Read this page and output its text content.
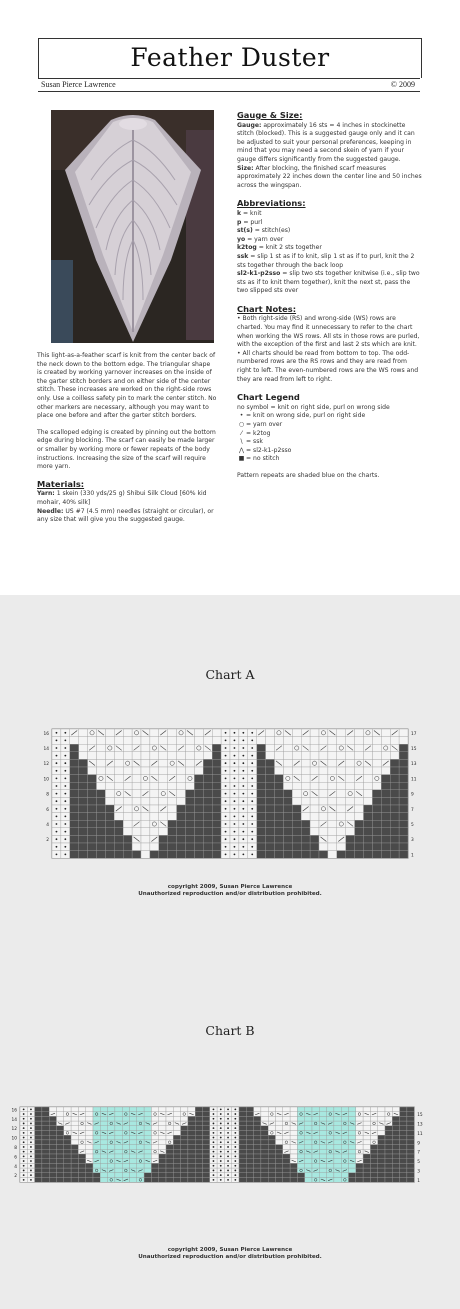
Feather Duster
Susan Pierce Lawrence	© 2009

This light-as-a-feather scarf is knit from the center back of the neck down to the bottom edge. The triangular shape is created by working yarnover increases on the inside of the garter stitch borders and on either side of the center stitch. These increases are worked on the right-side rows only. Use a coilless safety pin to mark the center stitch. No other markers are necessary, although you may want to place one before and after the garter stitch borders.

The scalloped edging is created by pinning out the bottom edge during blocking. The scarf can easily be made larger or smaller by working more or fewer repeats of the body instructions. Increasing the size of the scarf will require more yarn.

Materials:
Yarn: 1 skein (330 yds/25 g) Shibui Silk Cloud [60% kid mohair, 40% silk]
Needle: US #7 (4.5 mm) needles (straight or circular), or any size that will give you the suggested gauge.
Gauge & Size:
Gauge: approximately 16 sts = 4 inches in stockinette stitch (blocked). This is a suggested gauge only and it can be adjusted to suit your personal preferences, keeping in mind that you may need a second skein of yarn if your gauge differs significantly from the suggested gauge.
Size: After blocking, the finished scarf measures approximately 22 inches down the center line and 50 inches across the wingspan.
Abbreviations:
k = knit
p = purl
st(s) = stitch(es)
yo = yarn over
k2tog = knit 2 sts together
ssk = slip 1 st as if to knit, slip 1 st as if to purl, knit the 2 sts together through the back loop
sl2-k1-p2sso = slip two sts together knitwise (i.e., slip two sts as if to knit them together), knit the next st, pass the two slipped sts over
Chart Notes:
• Both right-side (RS) and wrong-side (WS) rows are charted. You may find it unnecessary to refer to the chart when working the WS rows. All sts in those rows are purled, with the exception of the first and last 2 sts which are knit.
• All charts should be read from bottom to top. The odd-numbered rows are the RS rows and they are read from right to left. The even-numbered rows are the WS rows and they are read from left to right.
Chart Legend
no symbol = knit on right side, purl on wrong side
• = knit on wrong side, purl on right side
○ = yarn over
⁄ = k2tog
\ = ssk
⋀ = sl2-k1-p2sso
■ = no stitch
Pattern repeats are shaded blue on the charts.
Chart A
16
14
12
10
8
6
4
2
17
15
13
11
9
7
5
3
1
copyright 2009, Susan Pierce Lawrence
Unauthorized reproduction and/or distribution prohibited.
Chart B
16
14
12
10
8
6
4
2
15
13
11
9
7
5
3
1
copyright 2009, Susan Pierce Lawrence
Unauthorized reproduction and/or distribution prohibited.
